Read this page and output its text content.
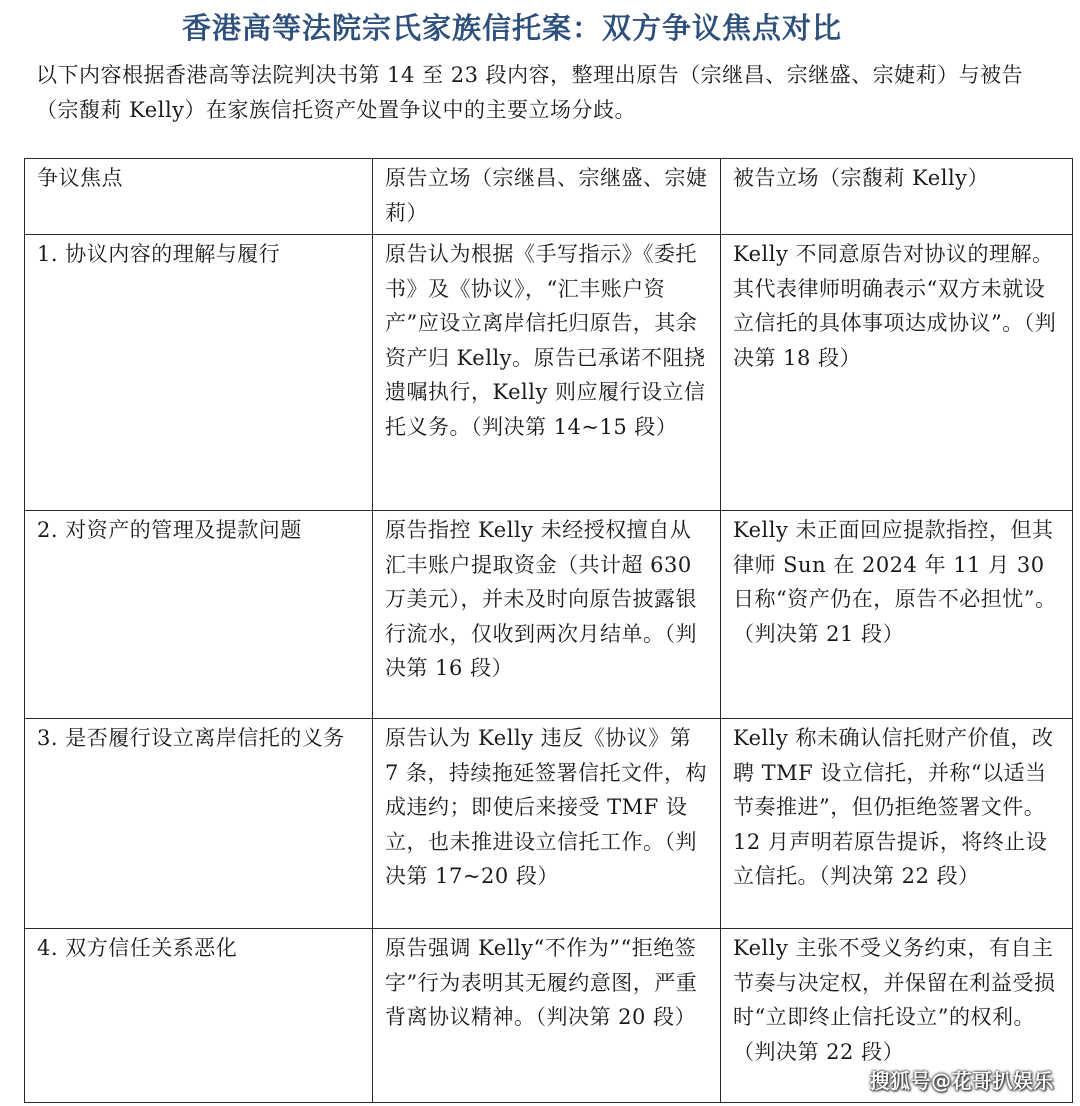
香港高等法院宗氏家族信托案：双方争议焦点对比
以下内容根据香港高等法院判决书第 14 至 23 段内容，整理出原告（宗继昌、宗继盛、宗婕莉）与被告（宗馥莉 Kelly）在家族信托资产处置争议中的主要立场分歧。
争议焦点	原告立场（宗继昌、宗继盛、宗婕莉）	被告立场（宗馥莉 Kelly）
1. 协议内容的理解与履行	原告认为根据《手写指示》《委托书》及《协议》，“汇丰账户资产”应设立离岸信托归原告，其余资产归 Kelly。原告已承诺不阻挠遗嘱执行，Kelly 则应履行设立信托义务。（判决第 14~15 段）	Kelly 不同意原告对协议的理解。其代表律师明确表示“双方未就设立信托的具体事项达成协议”。（判决第 18 段）
2. 对资产的管理及提款问题	原告指控 Kelly 未经授权擅自从汇丰账户提取资金（共计超 630 万美元），并未及时向原告披露银行流水，仅收到两次月结单。（判决第 16 段）	Kelly 未正面回应提款指控，但其律师 Sun 在 2024 年 11 月 30 日称“资产仍在，原告不必担忧”。（判决第 21 段）
3. 是否履行设立离岸信托的义务	原告认为 Kelly 违反《协议》第 7 条，持续拖延签署信托文件，构成违约；即使后来接受 TMF 设立，也未推进设立信托工作。（判决第 17~20 段）	Kelly 称未确认信托财产价值，改聘 TMF 设立信托，并称“以适当节奏推进”，但仍拒绝签署文件。12 月声明若原告提诉，将终止设立信托。（判决第 22 段）
4. 双方信任关系恶化	原告强调 Kelly“不作为”“拒绝签字”行为表明其无履约意图，严重背离协议精神。（判决第 20 段）	Kelly 主张不受义务约束，有自主节奏与决定权，并保留在利益受损时“立即终止信托设立”的权利。（判决第 22 段）
搜狐号@花哥扒娱乐
